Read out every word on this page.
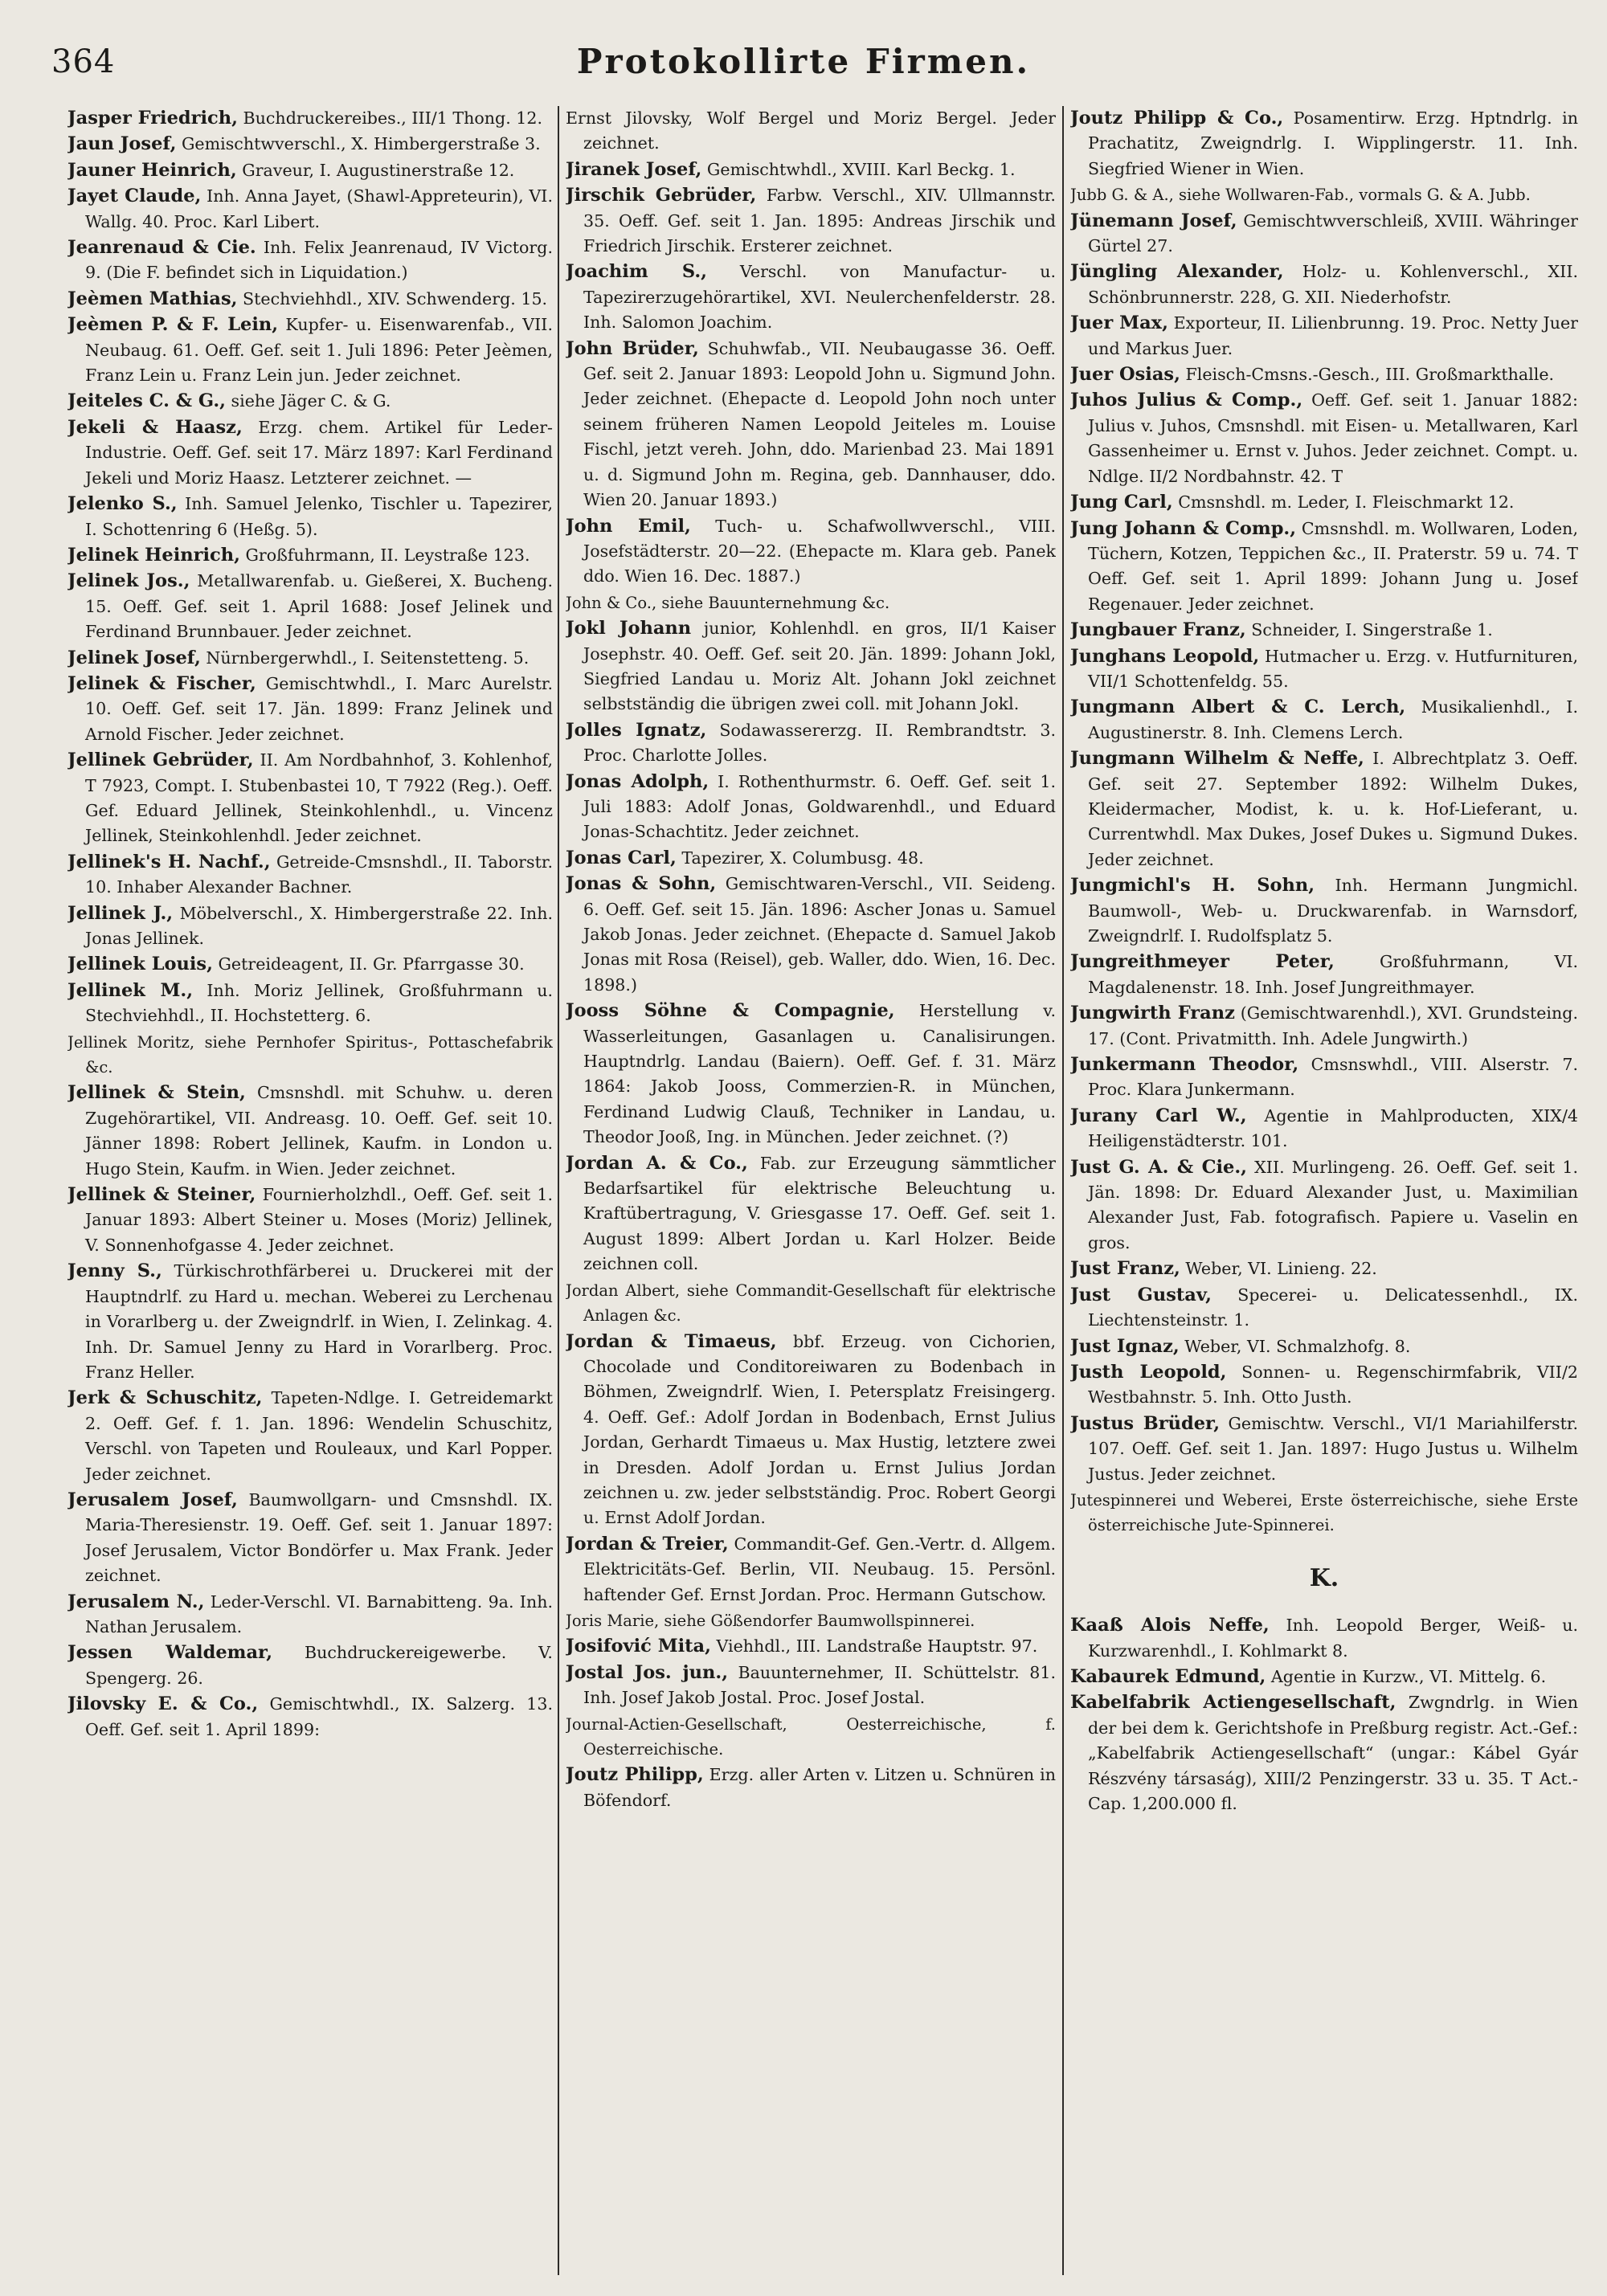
364	Protokollirte Firmen.

Jasper Friedrich, Buchdruckereibes., III/1 Thong. 12.

Jaun Josef, Gemischtwverschl., X. Himbergerstraße 3.

Jauner Heinrich, Graveur, I. Augustinerstraße 12.

Jayet Claude, Inh. Anna Jayet, (Shawl-Appreteurin), VI. Wallg. 40. Proc. Karl Libert.

Jeanrenaud & Cie. Inh. Felix Jeanrenaud, IV Victorg. 9. (Die F. befindet sich in Liquidation.)

Jeèmen Mathias, Stechviehhdl., XIV. Schwenderg. 15.

Jeèmen P. & F. Lein, Kupfer- u. Eisenwarenfab., VII. Neubaug. 61. Oeff. Gef. seit 1. Juli 1896: Peter Jeèmen, Franz Lein u. Franz Lein jun. Jeder zeichnet.

Jeiteles C. & G., siehe Jäger C. & G.

Jekeli & Haasz, Erzg. chem. Artikel für Leder-Industrie. Oeff. Gef. seit 17. März 1897: Karl Ferdinand Jekeli und Moriz Haasz. Letzterer zeichnet. —

Jelenko S., Inh. Samuel Jelenko, Tischler u. Tapezirer, I. Schottenring 6 (Heßg. 5).

Jelinek Heinrich, Großfuhrmann, II. Leystraße 123.

Jelinek Jos., Metallwarenfab. u. Gießerei, X. Bucheng. 15. Oeff. Gef. seit 1. April 1688: Josef Jelinek und Ferdinand Brunnbauer. Jeder zeichnet.

Jelinek Josef, Nürnbergerwhdl., I. Seitenstetteng. 5.

Jelinek & Fischer, Gemischtwhdl., I. Marc Aurelstr. 10. Oeff. Gef. seit 17. Jän. 1899: Franz Jelinek und Arnold Fischer. Jeder zeichnet.

Jellinek Gebrüder, II. Am Nordbahnhof, 3. Kohlenhof, T 7923, Compt. I. Stubenbastei 10, T 7922 (Reg.). Oeff. Gef. Eduard Jellinek, Steinkohlenhdl., u. Vincenz Jellinek, Steinkohlenhdl. Jeder zeichnet.

Jellinek's H. Nachf., Getreide-Cmsnshdl., II. Taborstr. 10. Inhaber Alexander Bachner.

Jellinek J., Möbelverschl., X. Himbergerstraße 22. Inh. Jonas Jellinek.

Jellinek Louis, Getreideagent, II. Gr. Pfarrgasse 30.

Jellinek M., Inh. Moriz Jellinek, Großfuhrmann u. Stechviehhdl., II. Hochstetterg. 6.

Jellinek Moritz, siehe Pernhofer Spiritus-, Pottaschefabrik &c.

Jellinek & Stein, Cmsnshdl. mit Schuhw. u. deren Zugehörartikel, VII. Andreasg. 10. Oeff. Gef. seit 10. Jänner 1898: Robert Jellinek, Kaufm. in London u. Hugo Stein, Kaufm. in Wien. Jeder zeichnet.

Jellinek & Steiner, Fournierholzhdl., Oeff. Gef. seit 1. Januar 1893: Albert Steiner u. Moses (Moriz) Jellinek, V. Sonnenhofgasse 4. Jeder zeichnet.

Jenny S., Türkischrothfärberei u. Druckerei mit der Hauptndrlf. zu Hard u. mechan. Weberei zu Lerchenau in Vorarlberg u. der Zweigndrlf. in Wien, I. Zelinkag. 4. Inh. Dr. Samuel Jenny zu Hard in Vorarlberg. Proc. Franz Heller.

Jerk & Schuschitz, Tapeten-Ndlge. I. Getreidemarkt 2. Oeff. Gef. f. 1. Jan. 1896: Wendelin Schuschitz, Verschl. von Tapeten und Rouleaux, und Karl Popper. Jeder zeichnet.

Jerusalem Josef, Baumwollgarn- und Cmsnshdl. IX. Maria-Theresienstr. 19. Oeff. Gef. seit 1. Januar 1897: Josef Jerusalem, Victor Bondörfer u. Max Frank. Jeder zeichnet.

Jerusalem N., Leder-Verschl. VI. Barnabitteng. 9a. Inh. Nathan Jerusalem.

Jessen Waldemar, Buchdruckereigewerbe. V. Spengerg. 26.

Jilovsky E. & Co., Gemischtwhdl., IX. Salzerg. 13. Oeff. Gef. seit 1. April 1899:

Ernst Jilovsky, Wolf Bergel und Moriz Bergel. Jeder zeichnet.

Jiranek Josef, Gemischtwhdl., XVIII. Karl Beckg. 1.

Jirschik Gebrüder, Farbw. Verschl., XIV. Ullmannstr. 35. Oeff. Gef. seit 1. Jan. 1895: Andreas Jirschik und Friedrich Jirschik. Ersterer zeichnet.

Joachim S., Verschl. von Manufactur- u. Tapezirerzugehörartikel, XVI. Neulerchenfelderstr. 28. Inh. Salomon Joachim.

John Brüder, Schuhwfab., VII. Neubaugasse 36. Oeff. Gef. seit 2. Januar 1893: Leopold John u. Sigmund John. Jeder zeichnet. (Ehepacte d. Leopold John noch unter seinem früheren Namen Leopold Jeiteles m. Louise Fischl, jetzt vereh. John, ddo. Marienbad 23. Mai 1891 u. d. Sigmund John m. Regina, geb. Dannhauser, ddo. Wien 20. Januar 1893.)

John Emil, Tuch- u. Schafwollwverschl., VIII. Josefstädterstr. 20—22. (Ehepacte m. Klara geb. Panek ddo. Wien 16. Dec. 1887.)

John & Co., siehe Bauunternehmung &c.

Jokl Johann junior, Kohlenhdl. en gros, II/1 Kaiser Josephstr. 40. Oeff. Gef. seit 20. Jän. 1899: Johann Jokl, Siegfried Landau u. Moriz Alt. Johann Jokl zeichnet selbstständig die übrigen zwei coll. mit Johann Jokl.

Jolles Ignatz, Sodawassererzg. II. Rembrandtstr. 3. Proc. Charlotte Jolles.

Jonas Adolph, I. Rothenthurmstr. 6. Oeff. Gef. seit 1. Juli 1883: Adolf Jonas, Goldwarenhdl., und Eduard Jonas-Schachtitz. Jeder zeichnet.

Jonas Carl, Tapezirer, X. Columbusg. 48.

Jonas & Sohn, Gemischtwaren-Verschl., VII. Seideng. 6. Oeff. Gef. seit 15. Jän. 1896: Ascher Jonas u. Samuel Jakob Jonas. Jeder zeichnet. (Ehepacte d. Samuel Jakob Jonas mit Rosa (Reisel), geb. Waller, ddo. Wien, 16. Dec. 1898.)

Jooss Söhne & Compagnie, Herstellung v. Wasserleitungen, Gasanlagen u. Canalisirungen. Hauptndrlg. Landau (Baiern). Oeff. Gef. f. 31. März 1864: Jakob Jooss, Commerzien-R. in München, Ferdinand Ludwig Clauß, Techniker in Landau, u. Theodor Jooß, Ing. in München. Jeder zeichnet. (?)

Jordan A. & Co., Fab. zur Erzeugung sämmtlicher Bedarfsartikel für elektrische Beleuchtung u. Kraftübertragung, V. Griesgasse 17. Oeff. Gef. seit 1. August 1899: Albert Jordan u. Karl Holzer. Beide zeichnen coll.

Jordan Albert, siehe Commandit-Gesellschaft für elektrische Anlagen &c.

Jordan & Timaeus, bbf. Erzeug. von Cichorien, Chocolade und Conditoreiwaren zu Bodenbach in Böhmen, Zweigndrlf. Wien, I. Petersplatz Freisingerg. 4. Oeff. Gef.: Adolf Jordan in Bodenbach, Ernst Julius Jordan, Gerhardt Timaeus u. Max Hustig, letztere zwei in Dresden. Adolf Jordan u. Ernst Julius Jordan zeichnen u. zw. jeder selbstständig. Proc. Robert Georgi u. Ernst Adolf Jordan.

Jordan & Treier, Commandit-Gef. Gen.-Vertr. d. Allgem. Elektricitäts-Gef. Berlin, VII. Neubaug. 15. Persönl. haftender Gef. Ernst Jordan. Proc. Hermann Gutschow.

Joris Marie, siehe Gößendorfer Baumwollspinnerei.

Josifović Mita, Viehhdl., III. Landstraße Hauptstr. 97.

Jostal Jos. jun., Bauunternehmer, II. Schüttelstr. 81. Inh. Josef Jakob Jostal. Proc. Josef Jostal.

Journal-Actien-Gesellschaft, Oesterreichische, f. Oesterreichische.

Joutz Philipp, Erzg. aller Arten v. Litzen u. Schnüren in Böfendorf.

Joutz Philipp & Co., Posamentirw. Erzg. Hptndrlg. in Prachatitz, Zweigndrlg. I. Wipplingerstr. 11. Inh. Siegfried Wiener in Wien.

Jubb G. & A., siehe Wollwaren-Fab., vormals G. & A. Jubb.

Jünemann Josef, Gemischtwverschleiß, XVIII. Währinger Gürtel 27.

Jüngling Alexander, Holz- u. Kohlenverschl., XII. Schönbrunnerstr. 228, G. XII. Niederhofstr.

Juer Max, Exporteur, II. Lilienbrunng. 19. Proc. Netty Juer und Markus Juer.

Juer Osias, Fleisch-Cmsns.-Gesch., III. Großmarkthalle.

Juhos Julius & Comp., Oeff. Gef. seit 1. Januar 1882: Julius v. Juhos, Cmsnshdl. mit Eisen- u. Metallwaren, Karl Gassenheimer u. Ernst v. Juhos. Jeder zeichnet. Compt. u. Ndlge. II/2 Nordbahnstr. 42. T

Jung Carl, Cmsnshdl. m. Leder, I. Fleischmarkt 12.

Jung Johann & Comp., Cmsnshdl. m. Wollwaren, Loden, Tüchern, Kotzen, Teppichen &c., II. Praterstr. 59 u. 74. T Oeff. Gef. seit 1. April 1899: Johann Jung u. Josef Regenauer. Jeder zeichnet.

Jungbauer Franz, Schneider, I. Singerstraße 1.

Junghans Leopold, Hutmacher u. Erzg. v. Hutfurnituren, VII/1 Schottenfeldg. 55.

Jungmann Albert & C. Lerch, Musikalienhdl., I. Augustinerstr. 8. Inh. Clemens Lerch.

Jungmann Wilhelm & Neffe, I. Albrechtplatz 3. Oeff. Gef. seit 27. September 1892: Wilhelm Dukes, Kleidermacher, Modist, k. u. k. Hof-Lieferant, u. Currentwhdl. Max Dukes, Josef Dukes u. Sigmund Dukes. Jeder zeichnet.

Jungmichl's H. Sohn, Inh. Hermann Jungmichl. Baumwoll-, Web- u. Druckwarenfab. in Warnsdorf, Zweigndrlf. I. Rudolfsplatz 5.

Jungreithmeyer Peter, Großfuhrmann, VI. Magdalenenstr. 18. Inh. Josef Jungreithmayer.

Jungwirth Franz (Gemischtwarenhdl.), XVI. Grundsteing. 17. (Cont. Privatmitth. Inh. Adele Jungwirth.)

Junkermann Theodor, Cmsnswhdl., VIII. Alserstr. 7. Proc. Klara Junkermann.

Jurany Carl W., Agentie in Mahlproducten, XIX/4 Heiligenstädterstr. 101.

Just G. A. & Cie., XII. Murlingeng. 26. Oeff. Gef. seit 1. Jän. 1898: Dr. Eduard Alexander Just, u. Maximilian Alexander Just, Fab. fotografisch. Papiere u. Vaselin en gros.

Just Franz, Weber, VI. Linieng. 22.

Just Gustav, Specerei- u. Delicatessenhdl., IX. Liechtensteinstr. 1.

Just Ignaz, Weber, VI. Schmalzhofg. 8.

Justh Leopold, Sonnen- u. Regenschirmfabrik, VII/2 Westbahnstr. 5. Inh. Otto Justh.

Justus Brüder, Gemischtw. Verschl., VI/1 Mariahilferstr. 107. Oeff. Gef. seit 1. Jan. 1897: Hugo Justus u. Wilhelm Justus. Jeder zeichnet.

Jutespinnerei und Weberei, Erste österreichische, siehe Erste österreichische Jute-Spinnerei.

K.

Kaaß Alois Neffe, Inh. Leopold Berger, Weiß- u. Kurzwarenhdl., I. Kohlmarkt 8.

Kabaurek Edmund, Agentie in Kurzw., VI. Mittelg. 6.

Kabelfabrik Actiengesellschaft, Zwgndrlg. in Wien der bei dem k. Gerichtshofe in Preßburg registr. Act.-Gef.: „Kabelfabrik Actiengesellschaft“ (ungar.: Kábel Gyár Részvény társaság), XIII/2 Penzingerstr. 33 u. 35. T Act.-Cap. 1,200.000 fl.
